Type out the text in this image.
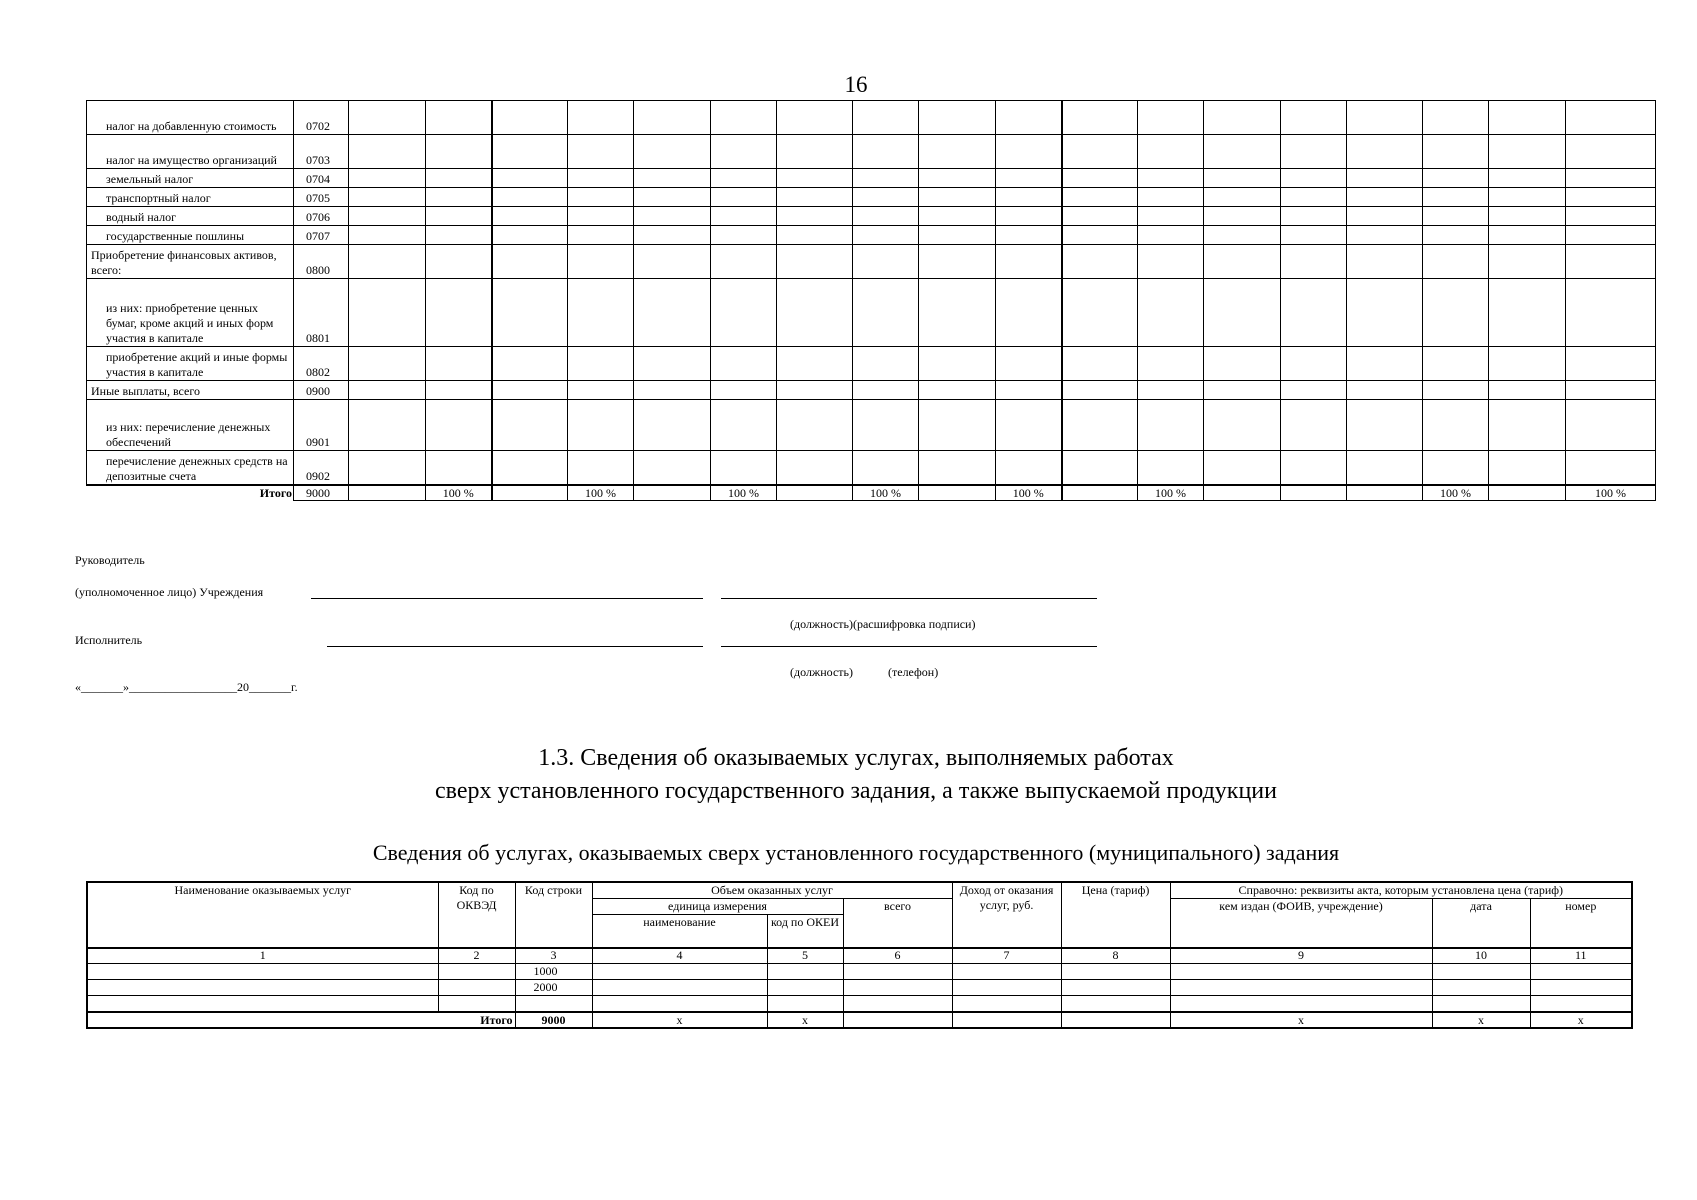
16
налог на добавленную стоимость	0702																		
налог на имущество организаций	0703																		
земельный налог	0704																		
транспортный налог	0705																		
водный налог	0706																		
государственные пошлины	0707																		
Приобретение финансовых активов, всего:	0800																		
из них: приобретение ценных бумаг, кроме акций и иных форм участия в капитале	0801																		
приобретение акций и иные формы участия в капитале	0802																		
Иные выплаты, всего	0900																		
из них: перечисление денежных обеспечений	0901																		
перечисление денежных средств на депозитные счета	0902																		
Итого	9000		100 %		100 %		100 %		100 %		100 %		100 %				100 %		100 %
Руководитель
(уполномоченное лицо) Учреждения
(должность)(расшифровка подписи)
Исполнитель
(должность)	(телефон)
«_______»__________________20_______г.
1.3. Сведения об оказываемых услугах, выполняемых работах
сверх установленного государственного задания, а также выпускаемой продукции
Сведения об услугах, оказываемых сверх установленного государственного (муниципального) задания
Наименование оказываемых услуг	Код по ОКВЭД	Код строки	Объем оказанных услуг			Доход от оказания услуг, руб.	Цена (тариф)	Справочно: реквизиты акта, которым установлена цена (тариф)		
			единица измерения		всего			кем издан (ФОИВ, учреждение)	дата	номер
			наименование	код по ОКЕИ						
1	2	3	4	5	6	7	8	9	10	11
		1000								
		2000								

Итого		9000	х	х				х	х	х
